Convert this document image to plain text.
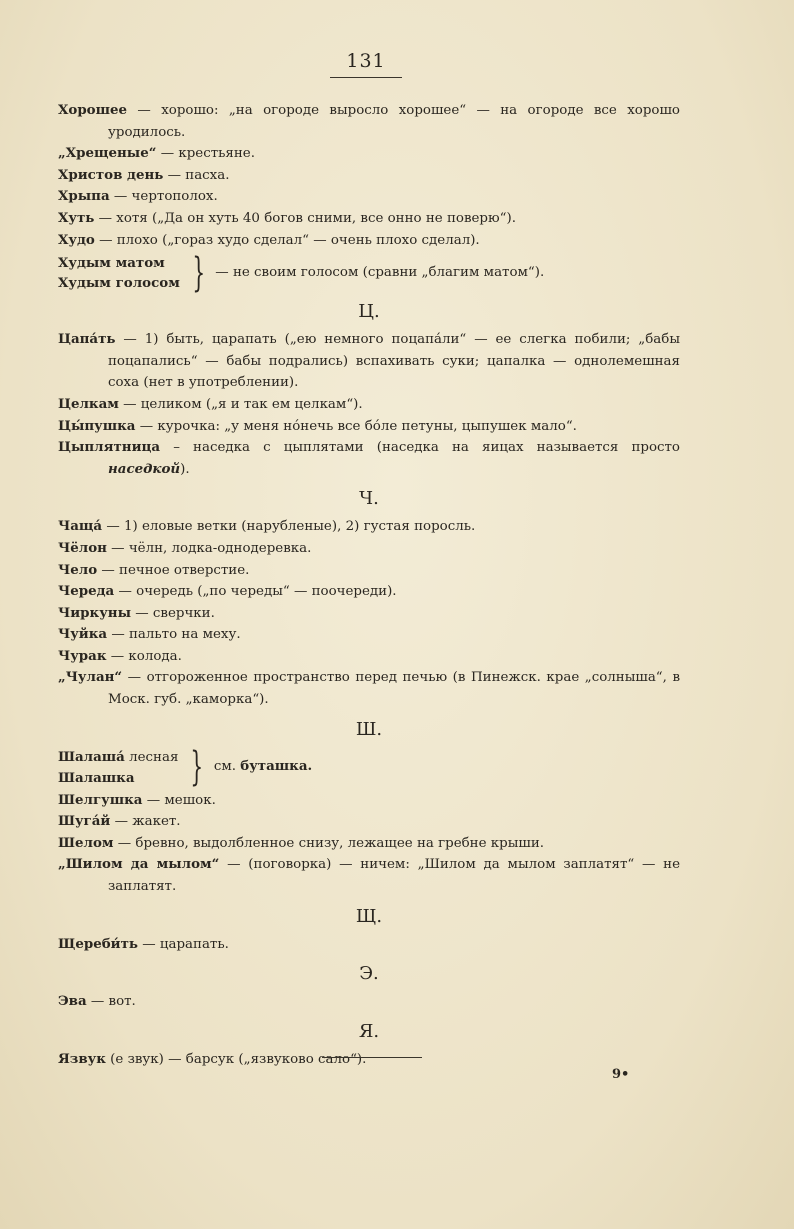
131

Хорошее — хорошо: „на огороде выросло хорошее“ — на огороде все хорошо уродилось.

„Хрещеные“ — крестьяне.

Христов день — пасха.

Хрыпа — чертополох.

Хуть — хотя („Да он хуть 40 богов сними, все онно не поверю“).

Худо — плохо („гораз худо сделал“ — очень плохо сделал).

Худым матом
Худым голосом } — не своим голосом (сравни „благим матом“).
Ц.

Цапа́ть — 1) быть, царапать („ею немного поцапа́ли“ — ее слегка побили; „бабы поцапались“ — бабы подрались) вспахивать суки; цапалка — однолемешная соха (нет в употреблении).

Целкам — целиком („я и так ем целкам“).

Цы́пушка — курочка: „у меня нóнечь все бóле петуны, цыпушек мало“.

Цыплятница – наседка с цыплятами (наседка на яицах называется просто наседкой).

Ч.

Чаща́ — 1) еловые ветки (нарубленые), 2) густая поросль.

Чёлон — чёлн, лодка-однодеревка.

Чело — печное отверстие.

Череда — очередь („по череды“ — поочереди).

Чиркуны — сверчки.

Чуйка — пальто на меху.

Чурак — колода.

„Чулан“ — отгороженное пространство перед печью (в Пинежск. крае „солныша“, в Моск. губ. „каморка“).

Ш.
Шалаша́ лесная
Шалашка	} см. буташка.

Шелгушка — мешок.

Шуга́й — жакет.

Шелом — бревно, выдолбленное снизу, лежащее на гребне крыши.

„Шилом да мылом“ — (поговорка) — ничем: „Шилом да мылом заплатят“ — не заплатят.

Щ.

Щереби́ть — царапать.

Э.

Эва — вот.

Я.

Язвук (е звук) — барсук („язвуково сало“).

9•
